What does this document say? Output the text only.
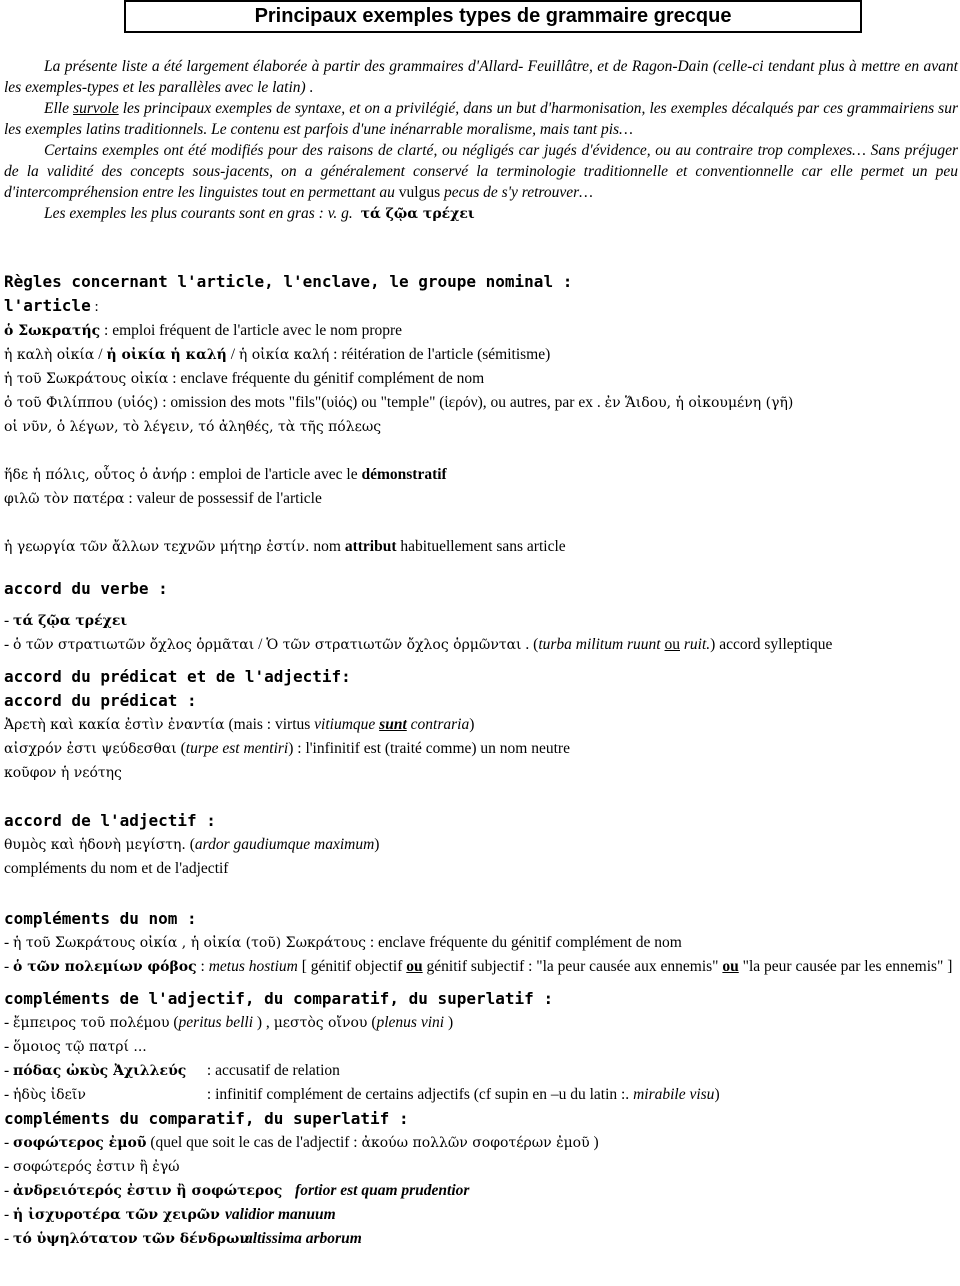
Principaux exemples types de grammaire grecque

La présente liste a été largement élaborée à partir des grammaires d'Allard- Feuillâtre, et de Ragon-Dain (celle-ci tendant plus à mettre en avant les exemples-types et les parallèles avec le latin) .

Elle survole les principaux exemples de syntaxe, et on a privilégié, dans un but d'harmonisation, les exemples décalqués par ces grammairiens sur les exemples latins traditionnels. Le contenu est parfois d'une inénarrable moralisme, mais tant pis…

Certains exemples ont été modifiés pour des raisons de clarté, ou négligés car jugés d'évidence, ou au contraire trop complexes… Sans préjuger de la validité des concepts sous-jacents, on a généralement conservé la terminologie traditionnelle et conventionnelle car elle permet un peu d'intercompréhension entre les linguistes tout en permettant au vulgus pecus de s'y retrouver…

Les exemples les plus courants sont en gras : v. g. τά ζῷα τρέχει

Règles concernant l'article, l'enclave, le groupe nominal :

l'article :

ὁ Σωκρατής : emploi fréquent de l'article avec le nom propre

ἡ καλὴ οἰκία / ἡ οἰκία ἡ καλή / ἡ οἰκία καλή : réitération de l'article (sémitisme)

ἡ τοῦ Σωκράτους οἰκία : enclave fréquente du génitif complément de nom

ὁ τοῦ Φιλίππου (υἱός) : omission des mots "fils"(υἱός) ou "temple" (ἱερόν), ou autres, par ex . ἐν Ἅιδου, ἡ οἰκουμένη (γῆ)

οἱ νῦν, ὁ λέγων, τὸ λέγειν, τό ἀληθές, τὰ τῆς πόλεως

ἥδε ἡ πόλις, οὗτος ὁ ἀνήρ : emploi de l'article avec le démonstratif

φιλῶ τὸν πατέρα : valeur de possessif de l'article

ἡ γεωργία τῶν ἄλλων τεχνῶν μήτηρ ἐστίν. nom attribut habituellement sans article

accord du verbe :

- τά ζῷα τρέχει

- ὁ τῶν στρατιωτῶν ὄχλος ὁρμᾶται / Ὁ τῶν στρατιωτῶν ὄχλος ὁρμῶνται . (turba militum ruunt ou ruit.) accord sylleptique

accord du prédicat et de l'adjectif:

accord du prédicat :

Ἀρετὴ καὶ κακία ἐστὶν ἐναντία (mais : virtus vitiumque sunt contraria)

αἰσχρόν ἐστι ψεύδεσθαι (turpe est mentiri) : l'infinitif est (traité comme) un nom neutre

κοῦφον ἡ νεότης

accord de l'adjectif :

θυμὸς καὶ ἡδονὴ μεγίστη. (ardor gaudiumque maximum)

compléments du nom et de l'adjectif

compléments du nom :

- ἡ τοῦ Σωκράτους οἰκία , ἡ οἰκία (τοῦ) Σωκράτους : enclave fréquente du génitif complément de nom

- ὁ τῶν πολεμίων φόβος : metus hostium [ génitif objectif ou génitif subjectif : "la peur causée aux ennemis" ou "la peur causée par les ennemis" ]

compléments de l'adjectif, du comparatif, du superlatif :

- ἔμπειρος τοῦ πολέμου (peritus belli ) , μεστὸς οἴνου (plenus vini )

- ὅμοιος τῷ πατρί ...

- πόδας ὠκὺς Ἀχιλλεύς : accusatif de relation

- ἡδὺς ἰδεῖν	: infinitif complément de certains adjectifs (cf supin en –u du latin :. mirabile visu)

compléments du comparatif, du superlatif :

- σοφώτερος ἐμοῦ (quel que soit le cas de l'adjectif : ἀκούω πολλῶν σοφοτέρων ἐμοῦ )

- σοφώτερός ἐστιν ἢ ἐγώ

- ἀνδρειότερός ἐστιν ἢ σοφώτερος fortior est quam prudentior

- ἡ ἰσχυροτέρα τῶν χειρῶν validior manuum

- τό ὑψηλότατον τῶν δένδρωνaltissima arborum
